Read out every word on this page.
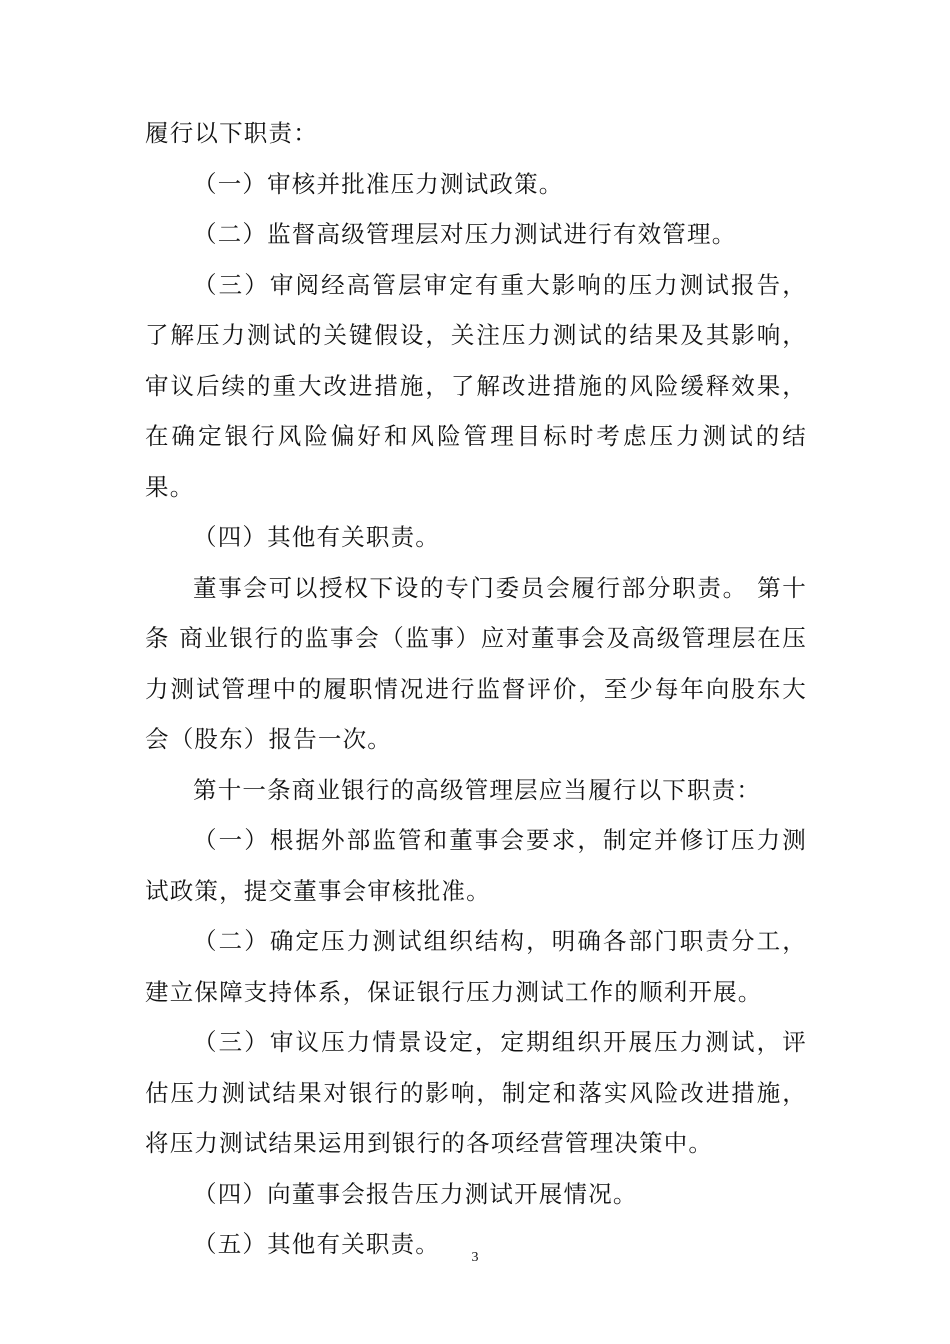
履行以下职责：

（一）审核并批准压力测试政策。

（二）监督高级管理层对压力测试进行有效管理。

（三）审阅经高管层审定有重大影响的压力测试报告，了解压力测试的关键假设，关注压力测试的结果及其影响，审议后续的重大改进措施，了解改进措施的风险缓释效果，在确定银行风险偏好和风险管理目标时考虑压力测试的结果。

（四）其他有关职责。

董事会可以授权下设的专门委员会履行部分职责。 第十条 商业银行的监事会（监事）应对董事会及高级管理层在压力测试管理中的履职情况进行监督评价，至少每年向股东大会（股东）报告一次。

第十一条商业银行的高级管理层应当履行以下职责：

（一）根据外部监管和董事会要求，制定并修订压力测试政策，提交董事会审核批准。

（二）确定压力测试组织结构，明确各部门职责分工，建立保障支持体系，保证银行压力测试工作的顺利开展。

（三）审议压力情景设定，定期组织开展压力测试，评估压力测试结果对银行的影响，制定和落实风险改进措施，将压力测试结果运用到银行的各项经营管理决策中。

（四）向董事会报告压力测试开展情况。

（五）其他有关职责。	3
